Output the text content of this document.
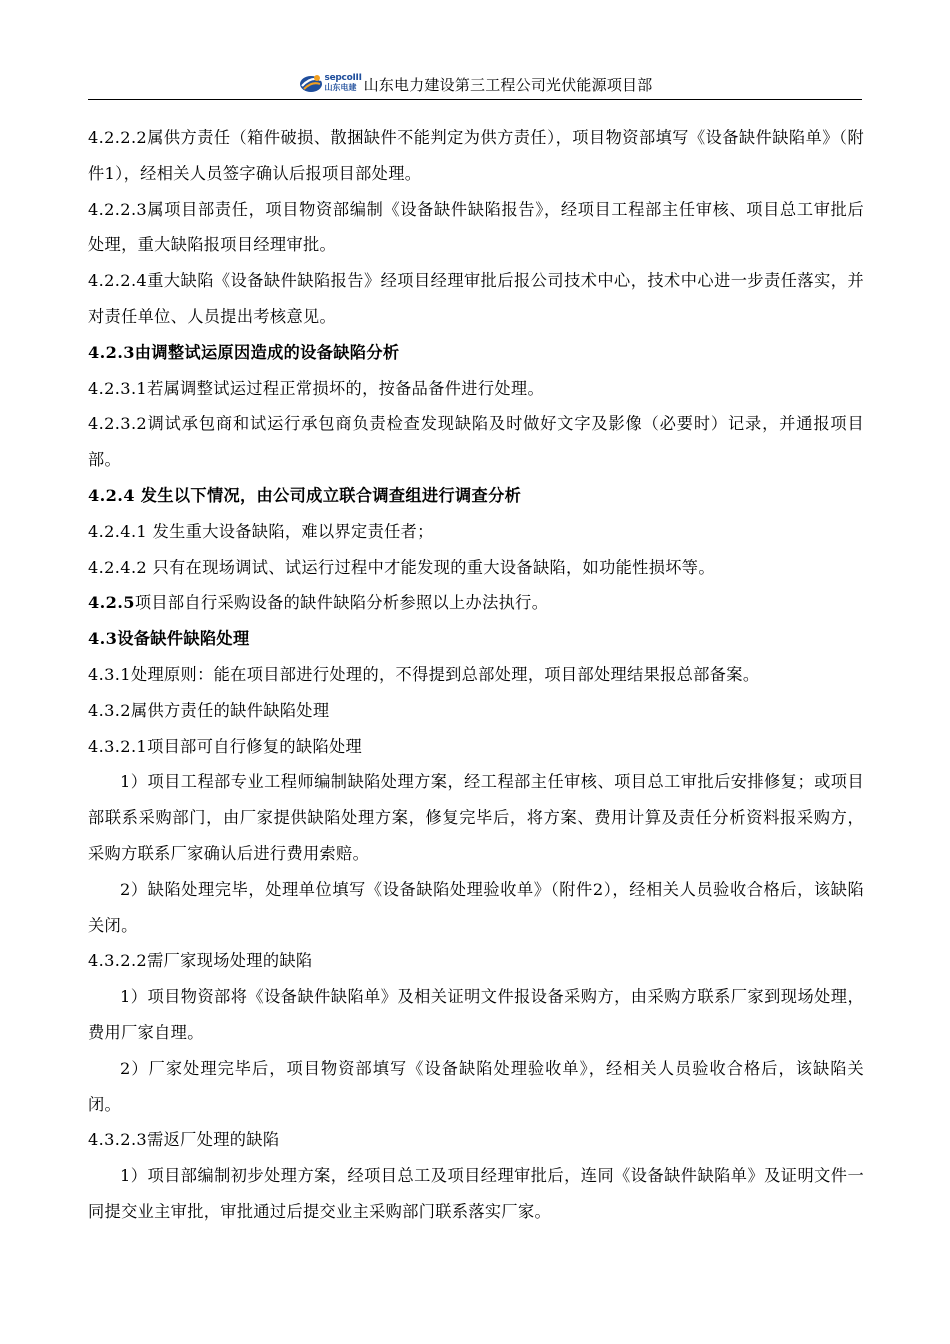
sepcoIII
山东电建 山东电力建设第三工程公司光伏能源项目部

4.2.2.2属供方责任（箱件破损、散捆缺件不能判定为供方责任），项目物资部填写《设备缺件缺陷单》（附件1），经相关人员签字确认后报项目部处理。

4.2.2.3属项目部责任，项目物资部编制《设备缺件缺陷报告》，经项目工程部主任审核、项目总工审批后处理，重大缺陷报项目经理审批。

4.2.2.4重大缺陷《设备缺件缺陷报告》经项目经理审批后报公司技术中心，技术中心进一步责任落实，并对责任单位、人员提出考核意见。

4.2.3由调整试运原因造成的设备缺陷分析

4.2.3.1若属调整试运过程正常损坏的，按备品备件进行处理。

4.2.3.2调试承包商和试运行承包商负责检查发现缺陷及时做好文字及影像（必要时）记录，并通报项目部。

4.2.4 发生以下情况，由公司成立联合调查组进行调查分析

4.2.4.1 发生重大设备缺陷，难以界定责任者；

4.2.4.2 只有在现场调试、试运行过程中才能发现的重大设备缺陷，如功能性损坏等。

4.2.5项目部自行采购设备的缺件缺陷分析参照以上办法执行。

4.3设备缺件缺陷处理

4.3.1处理原则：能在项目部进行处理的，不得提到总部处理，项目部处理结果报总部备案。

4.3.2属供方责任的缺件缺陷处理

4.3.2.1项目部可自行修复的缺陷处理

1）项目工程部专业工程师编制缺陷处理方案，经工程部主任审核、项目总工审批后安排修复；或项目部联系采购部门，由厂家提供缺陷处理方案，修复完毕后，将方案、费用计算及责任分析资料报采购方，采购方联系厂家确认后进行费用索赔。

2）缺陷处理完毕，处理单位填写《设备缺陷处理验收单》（附件2），经相关人员验收合格后，该缺陷关闭。

4.3.2.2需厂家现场处理的缺陷

1）项目物资部将《设备缺件缺陷单》及相关证明文件报设备采购方，由采购方联系厂家到现场处理，费用厂家自理。

2）厂家处理完毕后，项目物资部填写《设备缺陷处理验收单》，经相关人员验收合格后，该缺陷关闭。

4.3.2.3需返厂处理的缺陷

1）项目部编制初步处理方案，经项目总工及项目经理审批后，连同《设备缺件缺陷单》及证明文件一同提交业主审批，审批通过后提交业主采购部门联系落实厂家。
